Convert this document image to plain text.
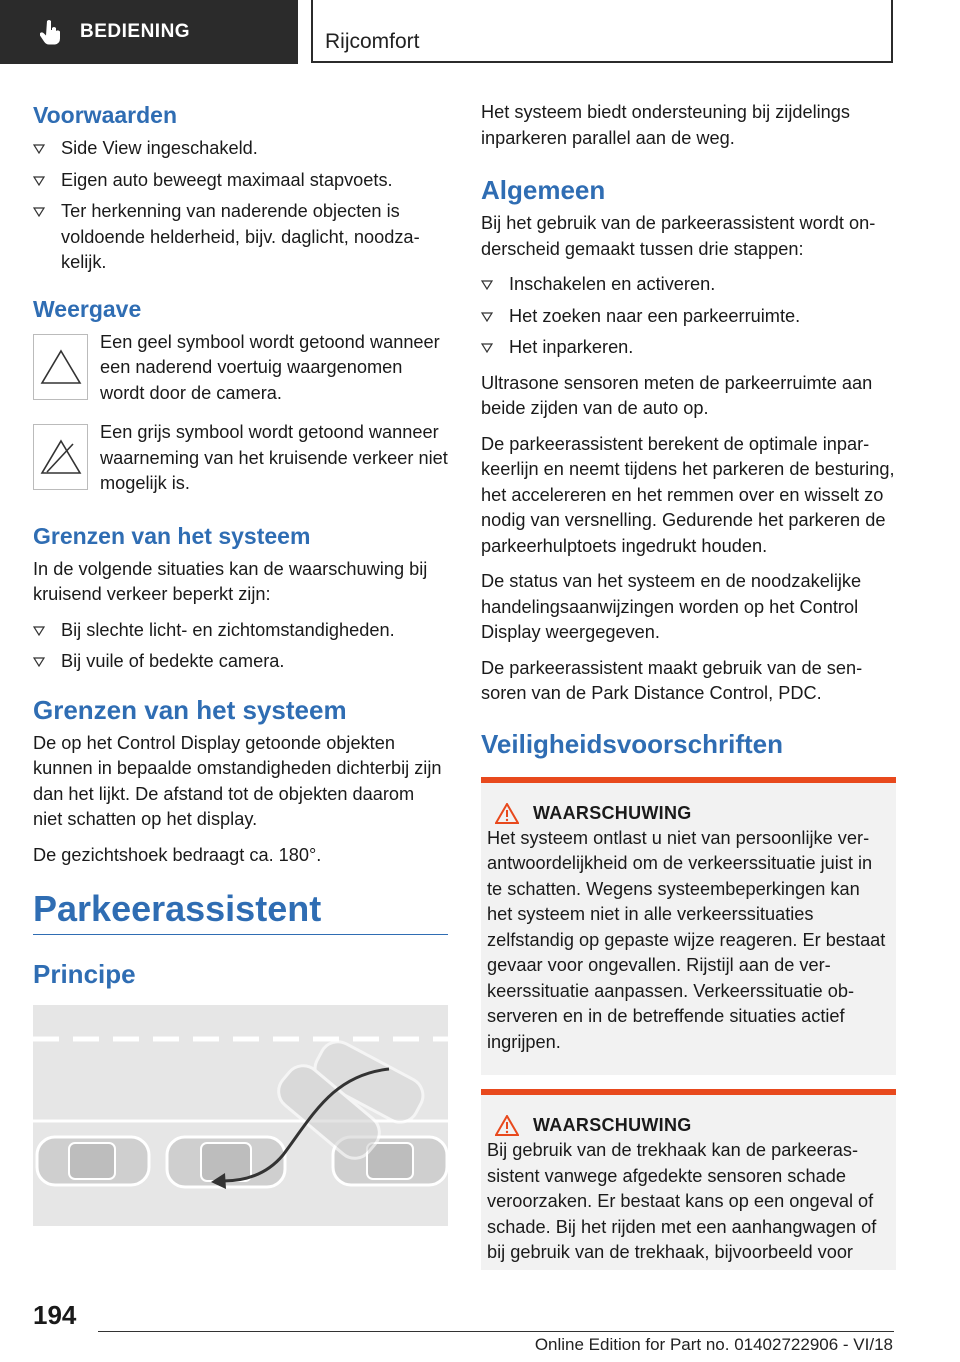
BEDIENING	Rijcomfort
Voorwaarden
Side View ingeschakeld.
Eigen auto beweegt maximaal stapvoets.
Ter herkenning van naderende objecten is voldoende helderheid, bijv. daglicht, noodzakelijk.
Weergave
Een geel symbool wordt getoond wanneer een naderend voertuig waargenomen wordt door de camera.
Een grijs symbool wordt getoond wanneer waarneming van het kruisende verkeer niet mogelijk is.
Grenzen van het systeem

In de volgende situaties kan de waarschuwing bij kruisend verkeer beperkt zijn:

Bij slechte licht- en zichtomstandigheden.
Bij vuile of bedekte camera.
Grenzen van het systeem

De op het Control Display getoonde objekten kunnen in bepaalde omstandigheden dichterbij zijn dan het lijkt. De afstand tot de objekten daarom niet schatten op het display.

De gezichtshoek bedraagt ca. 180°.

Parkeerassistent
Principe

Het systeem biedt ondersteuning bij zijdelings inparkeren parallel aan de weg.

Algemeen

Bij het gebruik van de parkeerassistent wordt onderscheid gemaakt tussen drie stappen:

Inschakelen en activeren.
Het zoeken naar een parkeerruimte.
Het inparkeren.

Ultrasone sensoren meten de parkeerruimte aan beide zijden van de auto op.

De parkeerassistent berekent de optimale inparkeerlijn en neemt tijdens het parkeren de besturing, het accelereren en het remmen over en wisselt zo nodig van versnelling. Gedurende het parkeren de parkeerhulptoets ingedrukt houden.

De status van het systeem en de noodzakelijke handelingsaanwijzingen worden op het Control Display weergegeven.

De parkeerassistent maakt gebruik van de sensoren van de Park Distance Control, PDC.

Veiligheidsvoorschriften
WAARSCHUWING

Het systeem ontlast u niet van persoonlijke verantwoordelijkheid om de verkeerssituatie juist in te schatten. Wegens systeembeperkingen kan het systeem niet in alle verkeerssituaties zelfstandig op gepaste wijze reageren. Er bestaat gevaar voor ongevallen. Rijstijl aan de verkeerssituatie aanpassen. Verkeerssituatie observeren en in de betreffende situaties actief ingrijpen.

WAARSCHUWING

Bij gebruik van de trekhaak kan de parkeerassistent vanwege afgedekte sensoren schade veroorzaken. Er bestaat kans op een ongeval of schade. Bij het rijden met een aanhangwagen of bij gebruik van de trekhaak, bijvoorbeeld voor

194
Online Edition for Part no. 01402722906 - VI/18
